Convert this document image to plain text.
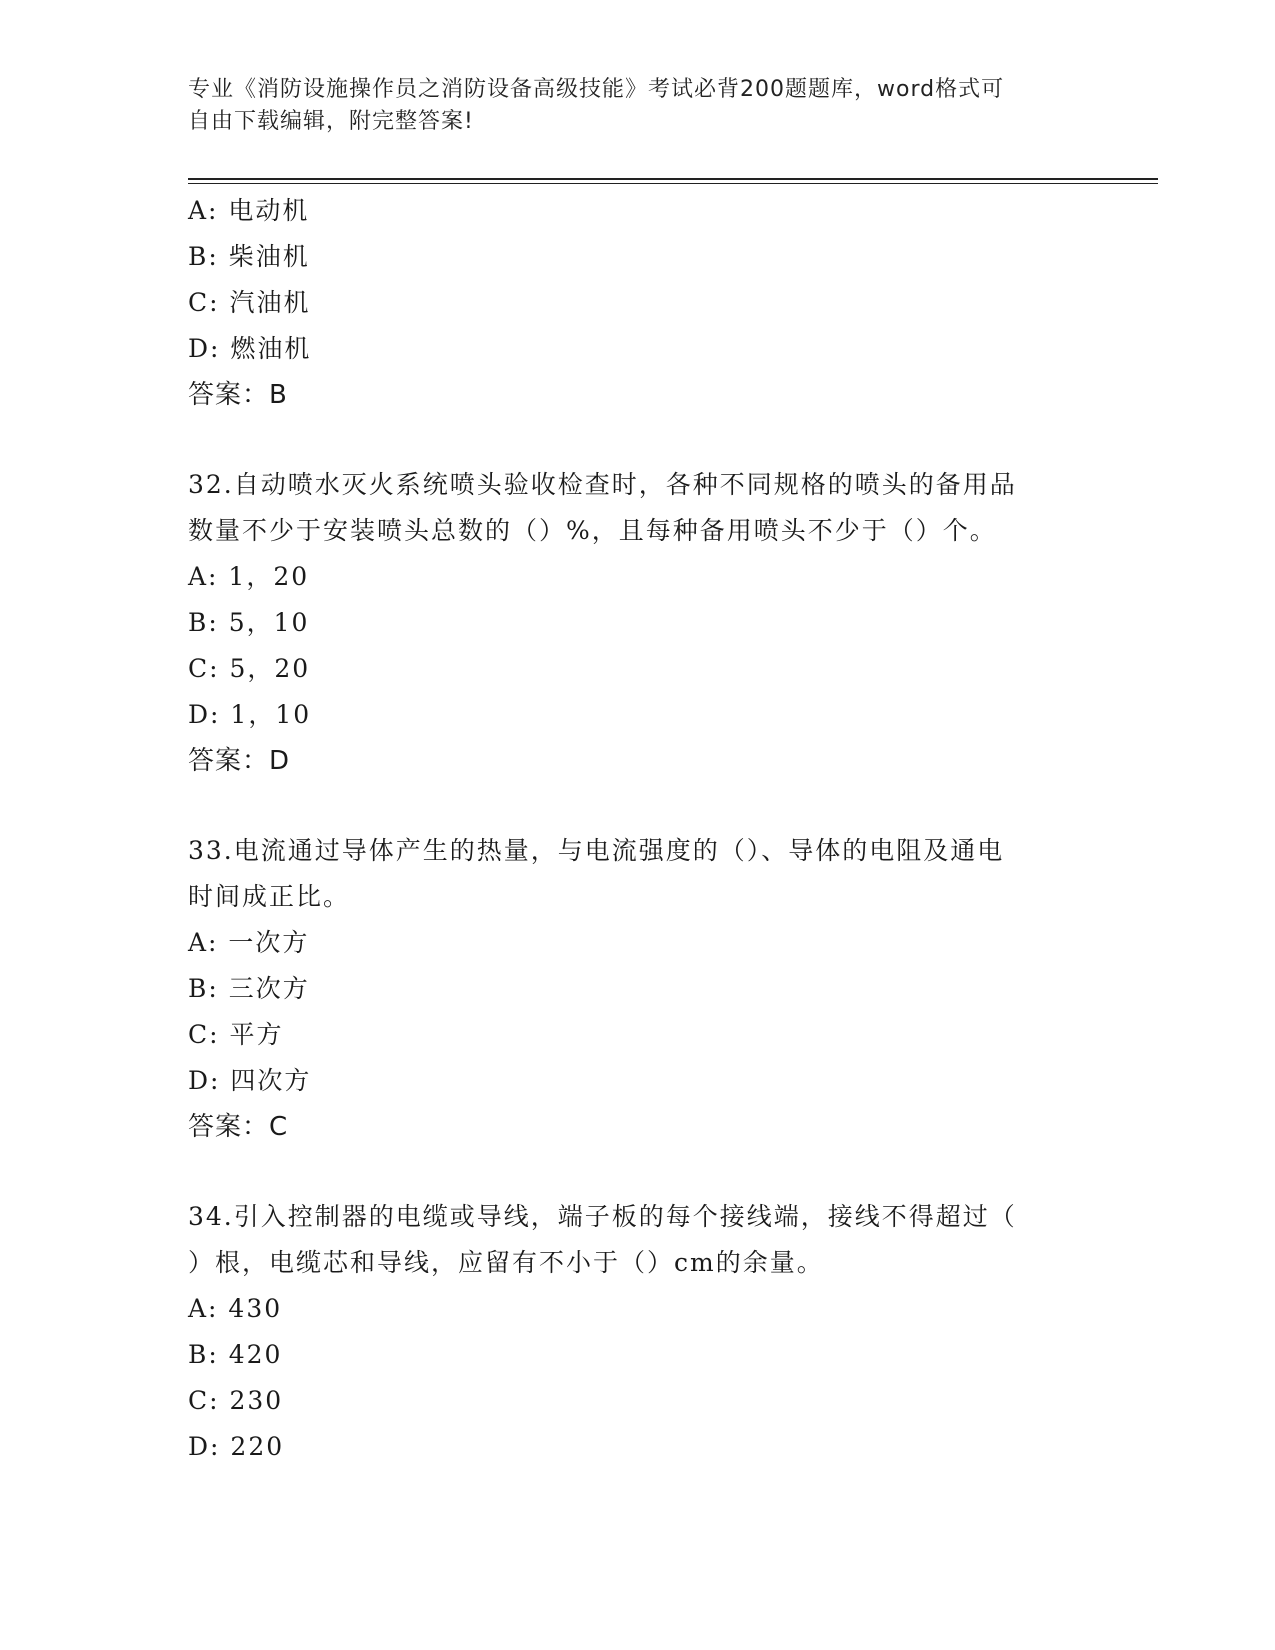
专业《消防设施操作员之消防设备高级技能》考试必背200题题库，word格式可
自由下载编辑，附完整答案!
A: 电动机
B: 柴油机
C: 汽油机
D: 燃油机
答案：B
32.自动喷水灭火系统喷头验收检查时，各种不同规格的喷头的备用品
数量不少于安装喷头总数的（）%，且每种备用喷头不少于（）个。
A: 1，20
B: 5，10
C: 5，20
D: 1，10
答案：D
33.电流通过导体产生的热量，与电流强度的（）、导体的电阻及通电
时间成正比。
A: 一次方
B: 三次方
C: 平方
D: 四次方
答案：C
34.引入控制器的电缆或导线，端子板的每个接线端，接线不得超过（
）根，电缆芯和导线，应留有不小于（）cm的余量。
A: 430
B: 420
C: 230
D: 220
